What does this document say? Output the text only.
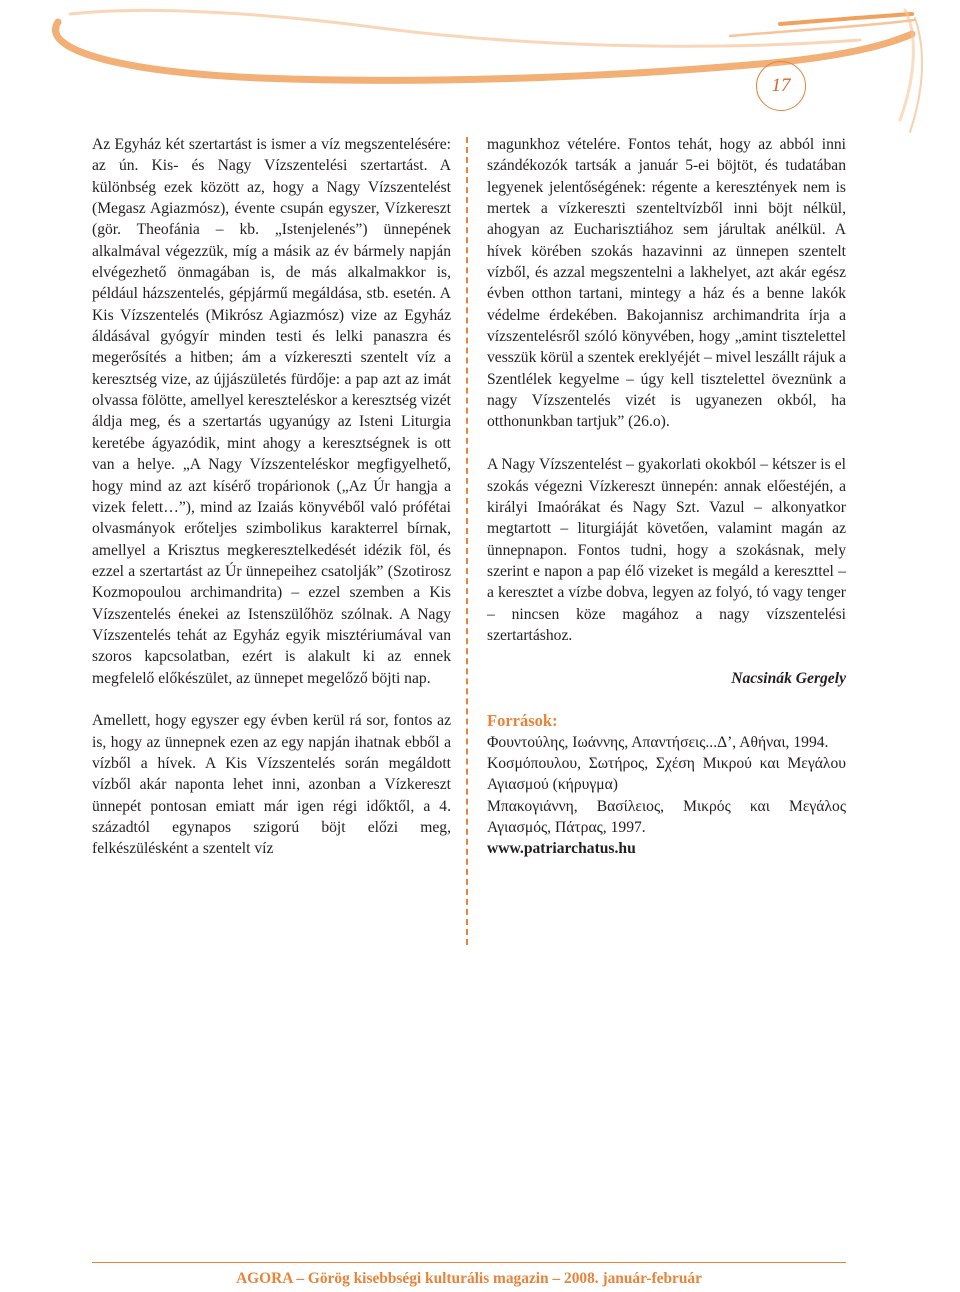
17

Az Egyház két szertartást is ismer a víz megszentelésére: az ún. Kis- és Nagy Vízszentelési szertartást. A különbség ezek között az, hogy a Nagy Vízszentelést (Megasz Agiazmósz), évente csupán egyszer, Vízkereszt (gör. Theofánia – kb. „Istenjelenés”) ünnepének alkalmával végezzük, míg a másik az év bármely napján elvégezhető önmagában is, de más alkalmakkor is, például házszentelés, gépjármű megáldása, stb. esetén. A Kis Vízszentelés (Mikrósz Agiazmósz) vize az Egyház áldásával gyógyír minden testi és lelki panaszra és megerősítés a hitben; ám a vízkereszti szentelt víz a keresztség vize, az újjászületés fürdője: a pap azt az imát olvassa fölötte, amellyel kereszteléskor a keresztség vizét áldja meg, és a szertartás ugyanúgy az Isteni Liturgia keretébe ágyazódik, mint ahogy a keresztségnek is ott van a helye. „A Nagy Vízszenteléskor megfigyelhető, hogy mind az azt kísérő tropárionok („Az Úr hangja a vizek felett…”), mind az Izaiás könyvéből való prófétai olvasmányok erőteljes szimbolikus karakterrel bírnak, amellyel a Krisztus megkeresztelkedését idézik föl, és ezzel a szertartást az Úr ünnepeihez csatolják” (Szotirosz Kozmopoulou archimandrita) – ezzel szemben a Kis Vízszentelés énekei az Istenszülőhöz szólnak. A Nagy Vízszentelés tehát az Egyház egyik misztériumával van szoros kapcsolatban, ezért is alakult ki az ennek megfelelő előkészület, az ünnepet megelőző böjti nap.

Amellett, hogy egyszer egy évben kerül rá sor, fontos az is, hogy az ünnepnek ezen az egy napján ihatnak ebből a vízből a hívek. A Kis Vízszentelés során megáldott vízből akár naponta lehet inni, azonban a Vízkereszt ünnepét pontosan emiatt már igen régi időktől, a 4. századtól egynapos szigorú böjt előzi meg, felkészülésként a szentelt víz

magunkhoz vételére. Fontos tehát, hogy az abból inni szándékozók tartsák a január 5-ei böjtöt, és tudatában legyenek jelentőségének: régente a keresztények nem is mertek a vízkereszti szenteltvízből inni böjt nélkül, ahogyan az Eucharisztiához sem járultak anélkül. A hívek körében szokás hazavinni az ünnepen szentelt vízből, és azzal megszentelni a lakhelyet, azt akár egész évben otthon tartani, mintegy a ház és a benne lakók védelme érdekében. Bakojannisz archimandrita írja a vízszentelésről szóló könyvében, hogy „amint tisztelettel vesszük körül a szentek ereklyéjét – mivel leszállt rájuk a Szentlélek kegyelme – úgy kell tisztelettel öveznünk a nagy Vízszentelés vizét is ugyanezen okból, ha otthonunkban tartjuk” (26.o).

A Nagy Vízszentelést – gyakorlati okokból – kétszer is el szokás végezni Vízkereszt ünnepén: annak előestéjén, a királyi Imaórákat és Nagy Szt. Vazul – alkonyatkor megtartott – liturgiáját követően, valamint magán az ünnepnapon. Fontos tudni, hogy a szokásnak, mely szerint e napon a pap élő vizeket is megáld a kereszttel – a keresztet a vízbe dobva, legyen az folyó, tó vagy tenger – nincsen köze magához a nagy vízszentelési szertartáshoz.

Nacsinák Gergely

Források:

Φουντούλης, Ιωάννης, Απαντήσεις...Δ’, Αθήναι, 1994.

Κοσμόπουλου, Σωτήρος, Σχέση Μικρού και Μεγάλου Αγιασμού (κήρυγμα)

Μπακογιάννη, Βασίλειος, Μικρός και Μεγάλος Αγιασμός, Πάτρας, 1997.

www.patriarchatus.hu

AGORA – Görög kisebbségi kulturális magazin – 2008. január-február
